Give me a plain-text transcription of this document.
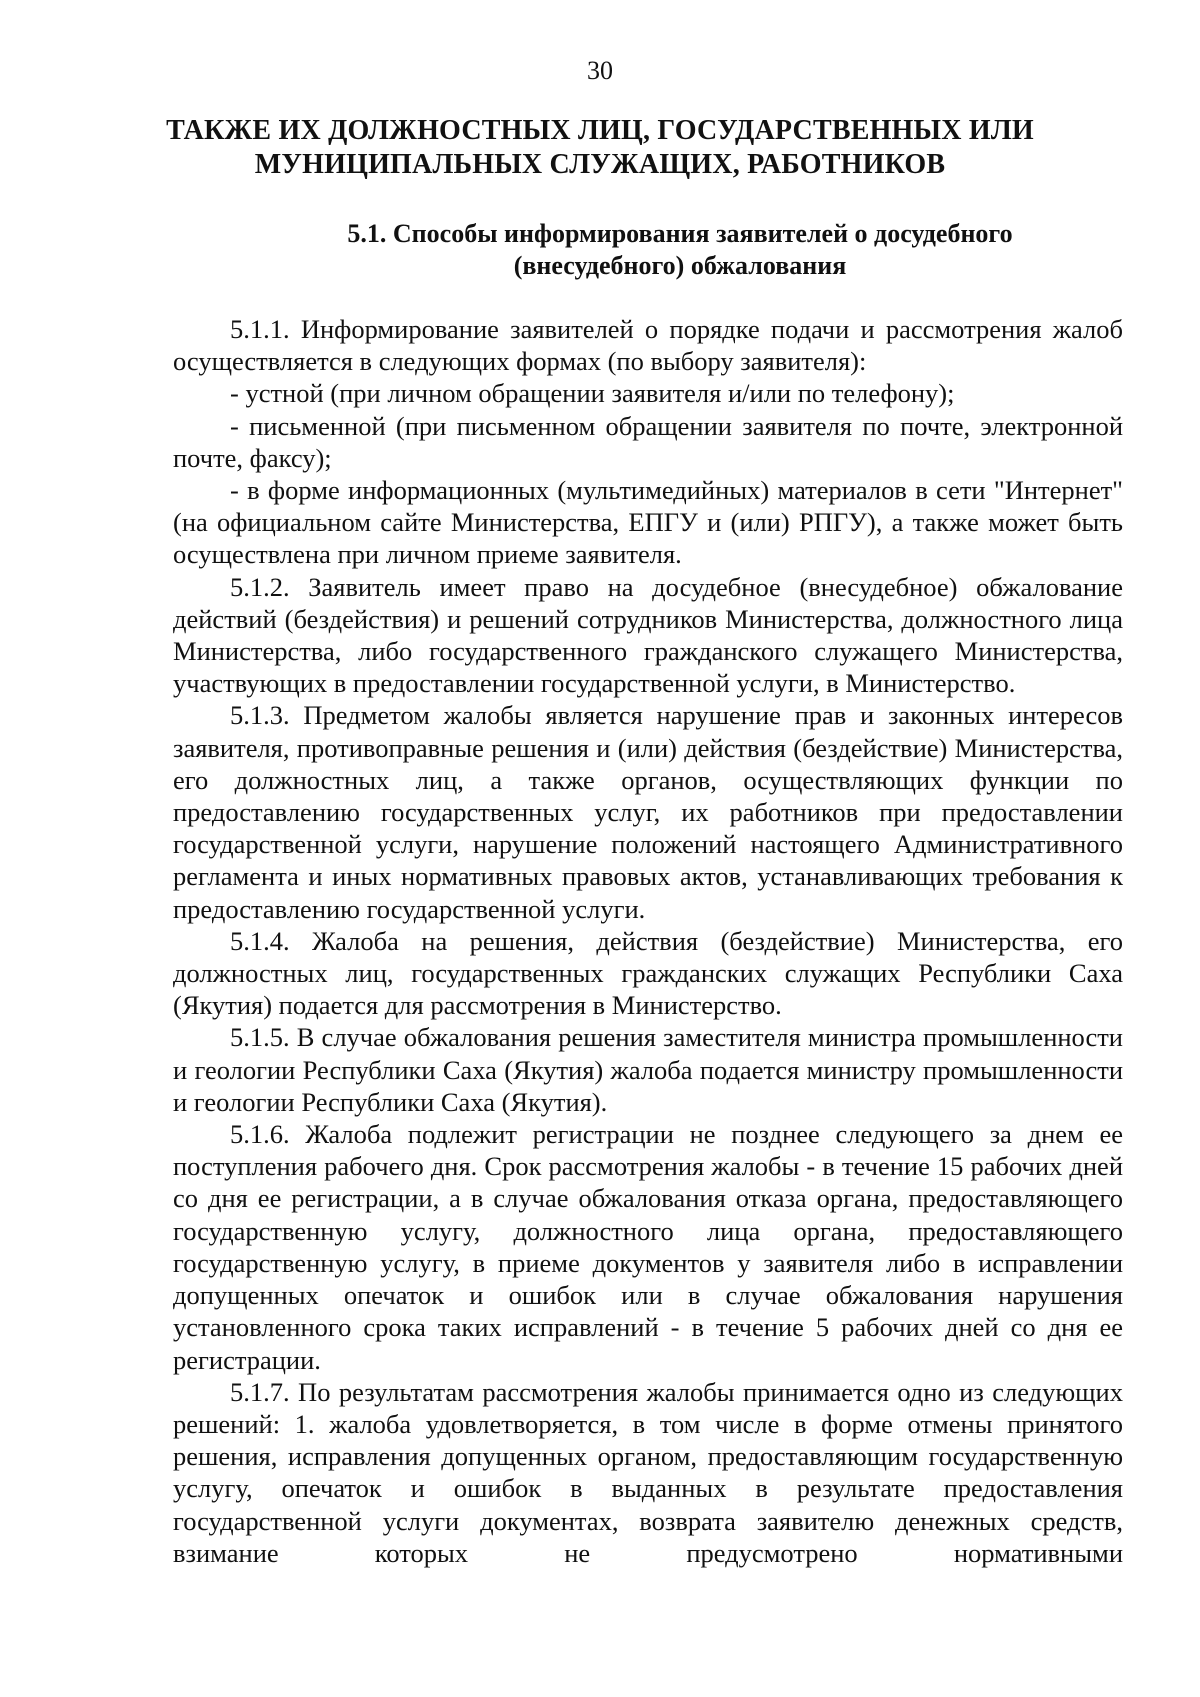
30
ТАКЖЕ ИХ ДОЛЖНОСТНЫХ ЛИЦ, ГОСУДАРСТВЕННЫХ ИЛИ
МУНИЦИПАЛЬНЫХ СЛУЖАЩИХ, РАБОТНИКОВ
5.1. Способы информирования заявителей о досудебного
(внесудебного) обжалования

5.1.1. Информирование заявителей о порядке подачи и рассмотрения жалоб осуществляется в следующих формах (по выбору заявителя):

- устной (при личном обращении заявителя и/или по телефону);

- письменной (при письменном обращении заявителя по почте, электронной почте, факсу);

- в форме информационных (мультимедийных) материалов в сети "Интернет" (на официальном сайте Министерства, ЕПГУ и (или) РПГУ), а также может быть осуществлена при личном приеме заявителя.

5.1.2. Заявитель имеет право на досудебное (внесудебное) обжалование действий (бездействия) и решений сотрудников Министерства, должностного лица Министерства, либо государственного гражданского служащего Министерства, участвующих в предоставлении государственной услуги, в Министерство.

5.1.3. Предметом жалобы является нарушение прав и законных интересов заявителя, противоправные решения и (или) действия (бездействие) Министерства, его должностных лиц, а также органов, осуществляющих функции по предоставлению государственных услуг, их работников при предоставлении государственной услуги, нарушение положений настоящего Административного регламента и иных нормативных правовых актов, устанавливающих требования к предоставлению государственной услуги.

5.1.4. Жалоба на решения, действия (бездействие) Министерства, его должностных лиц, государственных гражданских служащих Республики Саха (Якутия) подается для рассмотрения в Министерство.

5.1.5. В случае обжалования решения заместителя министра промышленности и геологии Республики Саха (Якутия) жалоба подается министру промышленности и геологии Республики Саха (Якутия).

5.1.6. Жалоба подлежит регистрации не позднее следующего за днем ее поступления рабочего дня. Срок рассмотрения жалобы - в течение 15 рабочих дней со дня ее регистрации, а в случае обжалования отказа органа, предоставляющего государственную услугу, должностного лица органа, предоставляющего государственную услугу, в приеме документов у заявителя либо в исправлении допущенных опечаток и ошибок или в случае обжалования нарушения установленного срока таких исправлений - в течение 5 рабочих дней со дня ее регистрации.

5.1.7. По результатам рассмотрения жалобы принимается одно из следующих решений: 1. жалоба удовлетворяется, в том числе в форме отмены принятого решения, исправления допущенных органом, предоставляющим государственную услугу, опечаток и ошибок в выданных в результате предоставления государственной услуги документах, возврата заявителю денежных средств, взимание которых не предусмотрено нормативными
